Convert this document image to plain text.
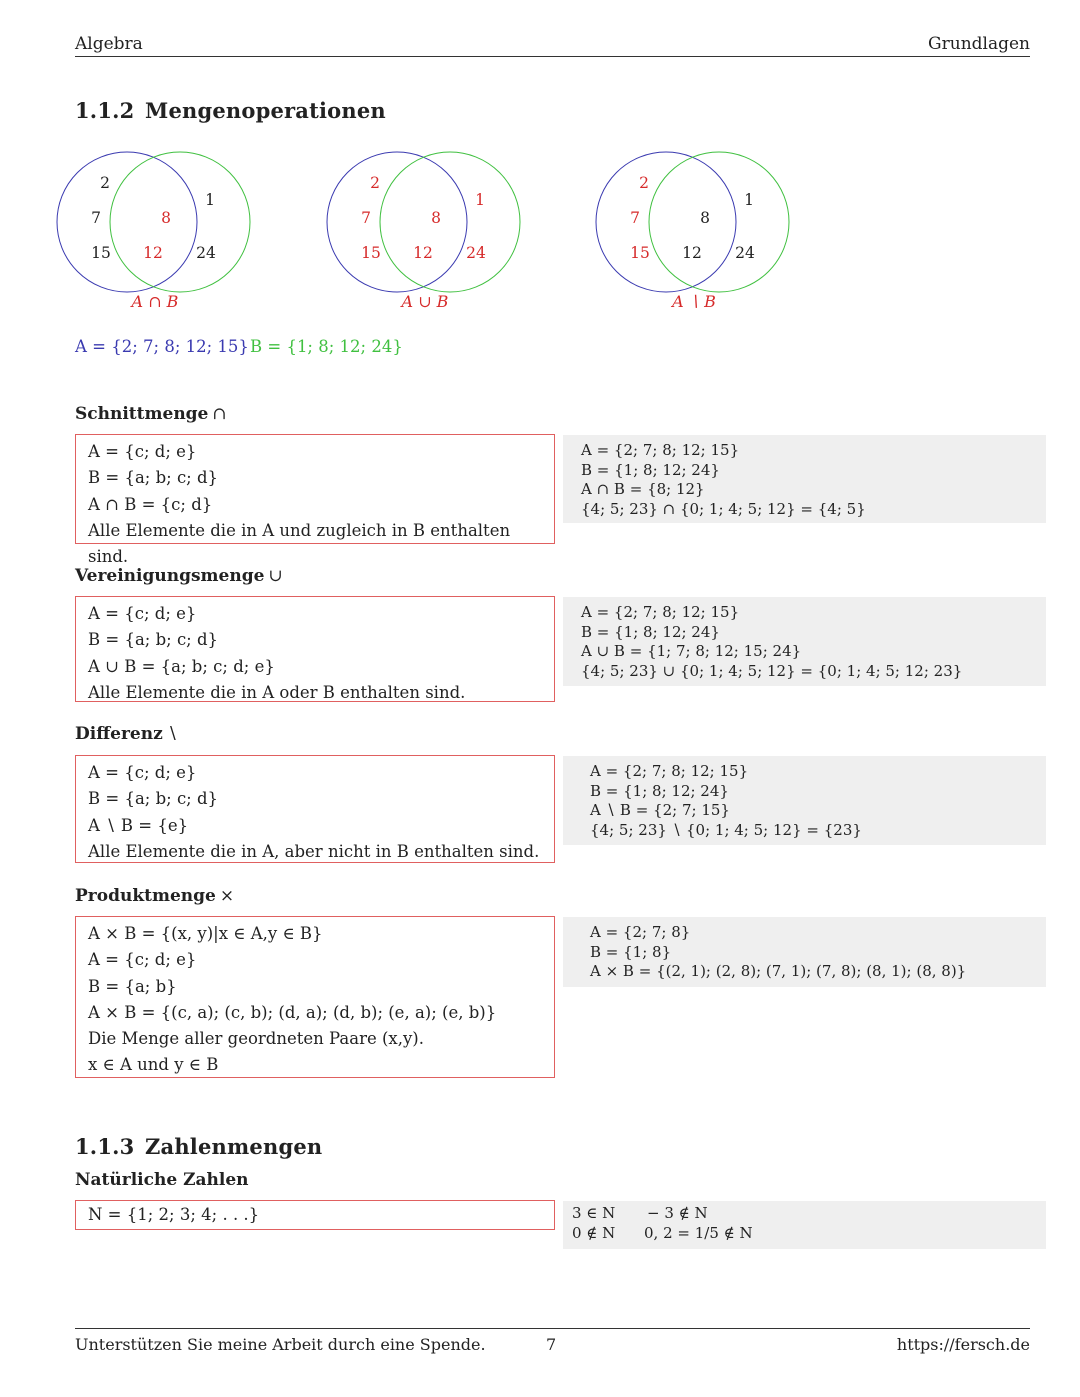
Algebra	Grundlagen
1.1.2 Mengenoperationen
2
7
15
8
12
1
24
A ∩ B
2
7
15
8
12
1
24
A ∪ B
2
7
15
8
12
1
24
A ∖ B
A = {2; 7; 8; 12; 15} B = {1; 8; 12; 24}
Schnittmenge ∩
A = {c; d; e}
B = {a; b; c; d}
A ∩ B = {c; d}
Alle Elemente die in A und zugleich in B enthalten sind.
A = {2; 7; 8; 12; 15}
B = {1; 8; 12; 24}
A ∩ B = {8; 12}
{4; 5; 23} ∩ {0; 1; 4; 5; 12} = {4; 5}
Vereinigungsmenge ∪
A = {c; d; e}
B = {a; b; c; d}
A ∪ B = {a; b; c; d; e}
Alle Elemente die in A oder B enthalten sind.
A = {2; 7; 8; 12; 15}
B = {1; 8; 12; 24}
A ∪ B = {1; 7; 8; 12; 15; 24}
{4; 5; 23} ∪ {0; 1; 4; 5; 12} = {0; 1; 4; 5; 12; 23}
Differenz ∖
A = {c; d; e}
B = {a; b; c; d}
A ∖ B = {e}
Alle Elemente die in A, aber nicht in B enthalten sind.
A = {2; 7; 8; 12; 15}
B = {1; 8; 12; 24}
A ∖ B = {2; 7; 15}
{4; 5; 23} ∖ {0; 1; 4; 5; 12} = {23}
Produktmenge ×
A × B = {(x, y)|x ∈ A,y ∈ B}
A = {c; d; e}
B = {a; b}
A × B = {(c, a); (c, b); (d, a); (d, b); (e, a); (e, b)}
Die Menge aller geordneten Paare (x,y).
x ∈ A und y ∈ B
A = {2; 7; 8}
B = {1; 8}
A × B = {(2, 1); (2, 8); (7, 1); (7, 8); (8, 1); (8, 8)}
1.1.3 Zahlenmengen
Natürliche Zahlen
N = {1; 2; 3; 4; . . .}	3 ∈ N − 3 ∉ N
0 ∉ N 0, 2 = 1/5 ∉ N
Unterstützen Sie meine Arbeit durch eine Spende.	7	https://fersch.de
